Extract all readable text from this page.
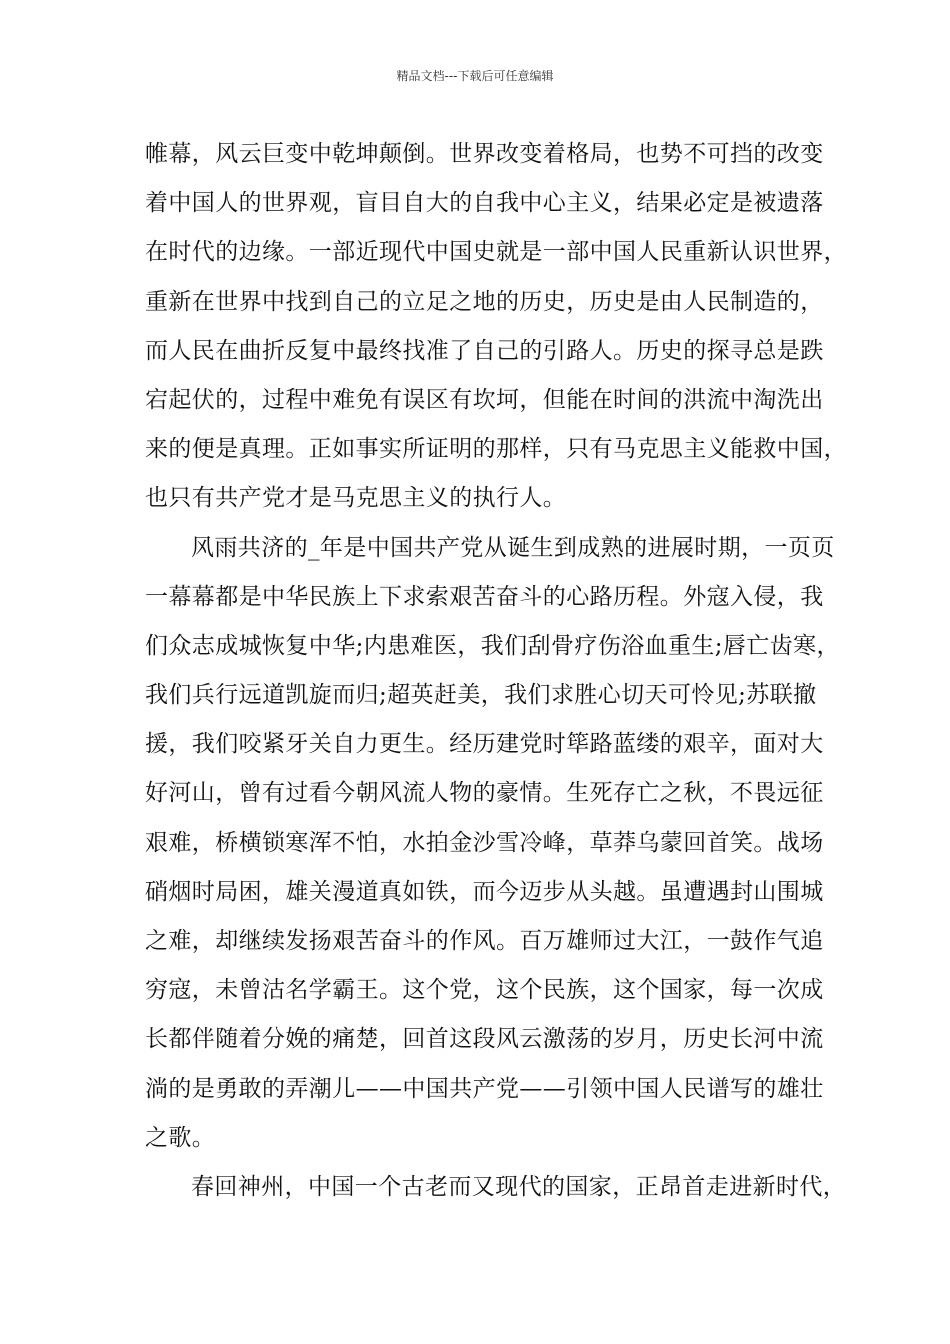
精品文档---下载后可任意编辑
帷幕，风云巨变中乾坤颠倒。世界改变着格局，也势不可挡的改变
着中国人的世界观，盲目自大的自我中心主义，结果必定是被遗落
在时代的边缘。一部近现代中国史就是一部中国人民重新认识世界，
重新在世界中找到自己的立足之地的历史，历史是由人民制造的，
而人民在曲折反复中最终找准了自己的引路人。历史的探寻总是跌
宕起伏的，过程中难免有误区有坎坷，但能在时间的洪流中淘洗出
来的便是真理。正如事实所证明的那样，只有马克思主义能救中国，
也只有共产党才是马克思主义的执行人。
风雨共济的_年是中国共产党从诞生到成熟的进展时期，一页页
一幕幕都是中华民族上下求索艰苦奋斗的心路历程。外寇入侵，我
们众志成城恢复中华;内患难医，我们刮骨疗伤浴血重生;唇亡齿寒，
我们兵行远道凯旋而归;超英赶美，我们求胜心切天可怜见;苏联撤
援，我们咬紧牙关自力更生。经历建党时筚路蓝缕的艰辛，面对大
好河山，曾有过看今朝风流人物的豪情。生死存亡之秋，不畏远征
艰难，桥横锁寒浑不怕，水拍金沙雪冷峰，草莽乌蒙回首笑。战场
硝烟时局困，雄关漫道真如铁，而今迈步从头越。虽遭遇封山围城
之难，却继续发扬艰苦奋斗的作风。百万雄师过大江，一鼓作气追
穷寇，未曾沽名学霸王。这个党，这个民族，这个国家，每一次成
长都伴随着分娩的痛楚，回首这段风云激荡的岁月，历史长河中流
淌的是勇敢的弄潮儿——中国共产党——引领中国人民谱写的雄壮
之歌。
春回神州，中国一个古老而又现代的国家，正昂首走进新时代，
